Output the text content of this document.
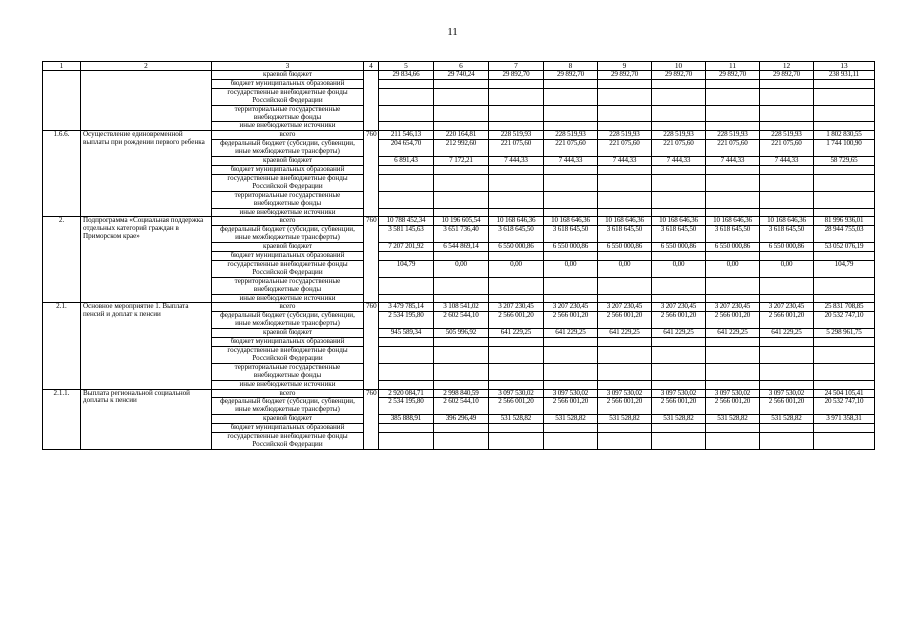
11
1	2	3	4	5	6	7	8	9	10	11	12	13
		краевой бюджет		29 834,66	29 740,24	29 892,70	29 892,70	29 892,70	29 892,70	29 892,70	29 892,70	238 931,11
		бюджет муниципальных образований										
		государственные внебюджетные фонды Российской Федерации										
		территориальные государственные внебюджетные фонды										
		иные внебюджетные источники										
1.6.6.	Осуществление единовременной выплаты при рождении первого ребенка	всего	760	211 546,13	220 164,81	228 519,93	228 519,93	228 519,93	228 519,93	228 519,93	228 519,93	1 802 830,55
		федеральный бюджет (субсидии, субвенции, иные межбюджетные трансферты)		204 654,70	212 992,60	221 075,60	221 075,60	221 075,60	221 075,60	221 075,60	221 075,60	1 744 100,90
		краевой бюджет		6 891,43	7 172,21	7 444,33	7 444,33	7 444,33	7 444,33	7 444,33	7 444,33	58 729,65
		бюджет муниципальных образований										
		государственные внебюджетные фонды Российской Федерации										
		территориальные государственные внебюджетные фонды										
		иные внебюджетные источники										
2.	Подпрограмма «Социальная поддержка отдельных категорий граждан в Приморском крае»	всего	760	10 788 452,34	10 196 605,54	10 168 646,36	10 168 646,36	10 168 646,36	10 168 646,36	10 168 646,36	10 168 646,36	81 996 936,01
		федеральный бюджет (субсидии, субвенции, иные межбюджетные трансферты)		3 581 145,63	3 651 736,40	3 618 645,50	3 618 645,50	3 618 645,50	3 618 645,50	3 618 645,50	3 618 645,50	28 944 755,03
		краевой бюджет		7 207 201,92	6 544 869,14	6 550 000,86	6 550 000,86	6 550 000,86	6 550 000,86	6 550 000,86	6 550 000,86	53 052 076,19
		бюджет муниципальных образований										
		государственные внебюджетные фонды Российской Федерации		104,79	0,00	0,00	0,00	0,00	0,00	0,00	0,00	104,79
		территориальные государственные внебюджетные фонды										
		иные внебюджетные источники										
2.1.	Основное мероприятие 1. Выплата пенсий и доплат к пенсии	всего	760	3 479 785,14	3 108 541,02	3 207 230,45	3 207 230,45	3 207 230,45	3 207 230,45	3 207 230,45	3 207 230,45	25 831 708,85
		федеральный бюджет (субсидии, субвенции, иные межбюджетные трансферты)		2 534 195,80	2 602 544,10	2 566 001,20	2 566 001,20	2 566 001,20	2 566 001,20	2 566 001,20	2 566 001,20	20 532 747,10
		краевой бюджет		945 589,34	505 996,92	641 229,25	641 229,25	641 229,25	641 229,25	641 229,25	641 229,25	5 298 961,75
		бюджет муниципальных образований										
		государственные внебюджетные фонды Российской Федерации										
		территориальные государственные внебюджетные фонды										
		иные внебюджетные источники										
2.1.1.	Выплата региональной социальной доплаты к пенсии	всего	760	2 920 084,71	2 998 840,59	3 097 530,02	3 097 530,02	3 097 530,02	3 097 530,02	3 097 530,02	3 097 530,02	24 504 105,41
		федеральный бюджет (субсидии, субвенции, иные межбюджетные трансферты)		2 534 195,80	2 602 544,10	2 566 001,20	2 566 001,20	2 566 001,20	2 566 001,20	2 566 001,20	2 566 001,20	20 532 747,10
		краевой бюджет		385 888,91	396 296,49	531 528,82	531 528,82	531 528,82	531 528,82	531 528,82	531 528,82	3 971 358,31
		бюджет муниципальных образований										
		государственные внебюджетные фонды Российской Федерации										
